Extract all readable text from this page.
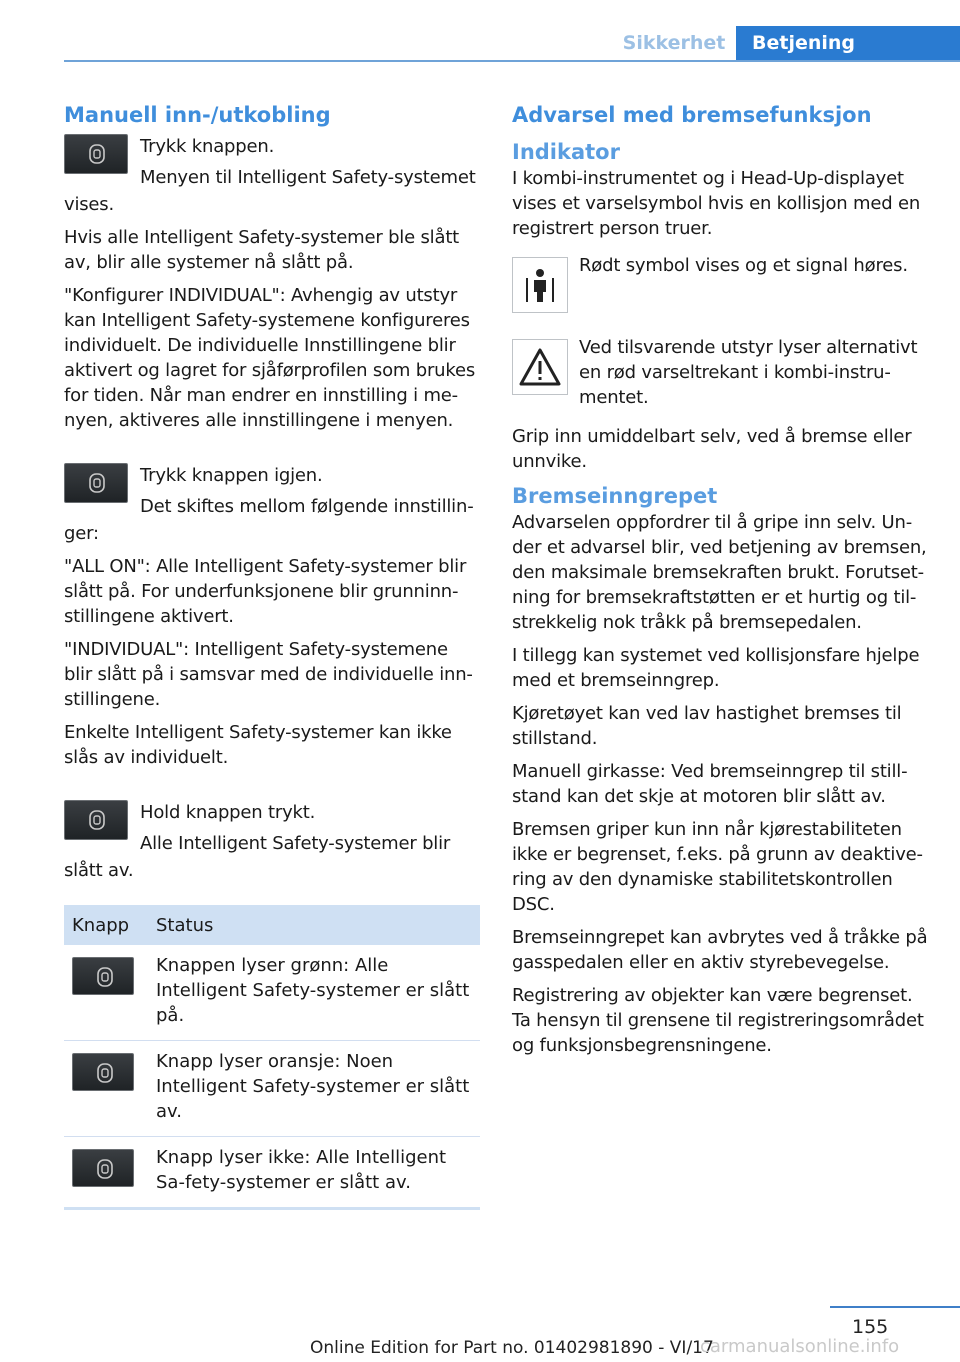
Sikkerhet	Betjening
Manuell inn-/utkobling

Trykk knappen.

Menyen til Intelligent Safety-systemet

vises.

Hvis alle Intelligent Safety-systemer ble slått av, blir alle systemer nå slått på.

"Konfigurer INDIVIDUAL": Avhengig av utstyr kan Intelligent Safety-systemene konfigureres individuelt. De individuelle Innstillingene blir aktivert og lagret for sjåførprofilen som brukes for tiden. Når man endrer en innstilling i me‐nyen, aktiveres alle innstillingene i menyen.

Trykk knappen igjen.

Det skiftes mellom følgende innstillin‐

ger:

"ALL ON": Alle Intelligent Safety-systemer blir slått på. For underfunksjonene blir grunninn‐stillingene aktivert.

"INDIVIDUAL": Intelligent Safety-systemene blir slått på i samsvar med de individuelle inn‐stillingene.

Enkelte Intelligent Safety-systemer kan ikke slås av individuelt.

Hold knappen trykt.

Alle Intelligent Safety-systemer blir

slått av.

Knapp	Status

	Knappen lyser grønn: Alle Intelligent Safety-systemer er slått på.

	Knapp lyser oransje: Noen Intelligent Safety-systemer er slått av.

	Knapp lyser ikke: Alle Intelligent Sa‐fety-systemer er slått av.
Advarsel med bremsefunksjon
Indikator

I kombi-instrumentet og i Head-Up-displayet vises et varselsymbol hvis en kollisjon med en registrert person truer.

Rødt symbol vises og et signal høres.

Ved tilsvarende utstyr lyser alternativt en rød varseltrekant i kombi-instru‐mentet.

Grip inn umiddelbart selv, ved å bremse eller unnvike.

Bremseinngrepet

Advarselen oppfordrer til å gripe inn selv. Un‐der et advarsel blir, ved betjening av bremsen, den maksimale bremsekraften brukt. Forutset‐ning for bremsekraftstøtten er et hurtig og til‐strekkelig nok tråkk på bremsepedalen.

I tillegg kan systemet ved kollisjonsfare hjelpe med et bremseinngrep.

Kjøretøyet kan ved lav hastighet bremses til stillstand.

Manuell girkasse: Ved bremseinngrep til still‐stand kan det skje at motoren blir slått av.

Bremsen griper kun inn når kjørestabiliteten ikke er begrenset, f.eks. på grunn av deaktive‐ring av den dynamiske stabilitetskontrollen DSC.

Bremseinngrepet kan avbrytes ved å tråkke på gasspedalen eller en aktiv styrebevegelse.

Registrering av objekter kan være begrenset. Ta hensyn til grensene til registreringsområdet og funksjonsbegrensningene.

155
Online Edition for Part no. 01402981890 - VI/17
carmanualsonline.info
